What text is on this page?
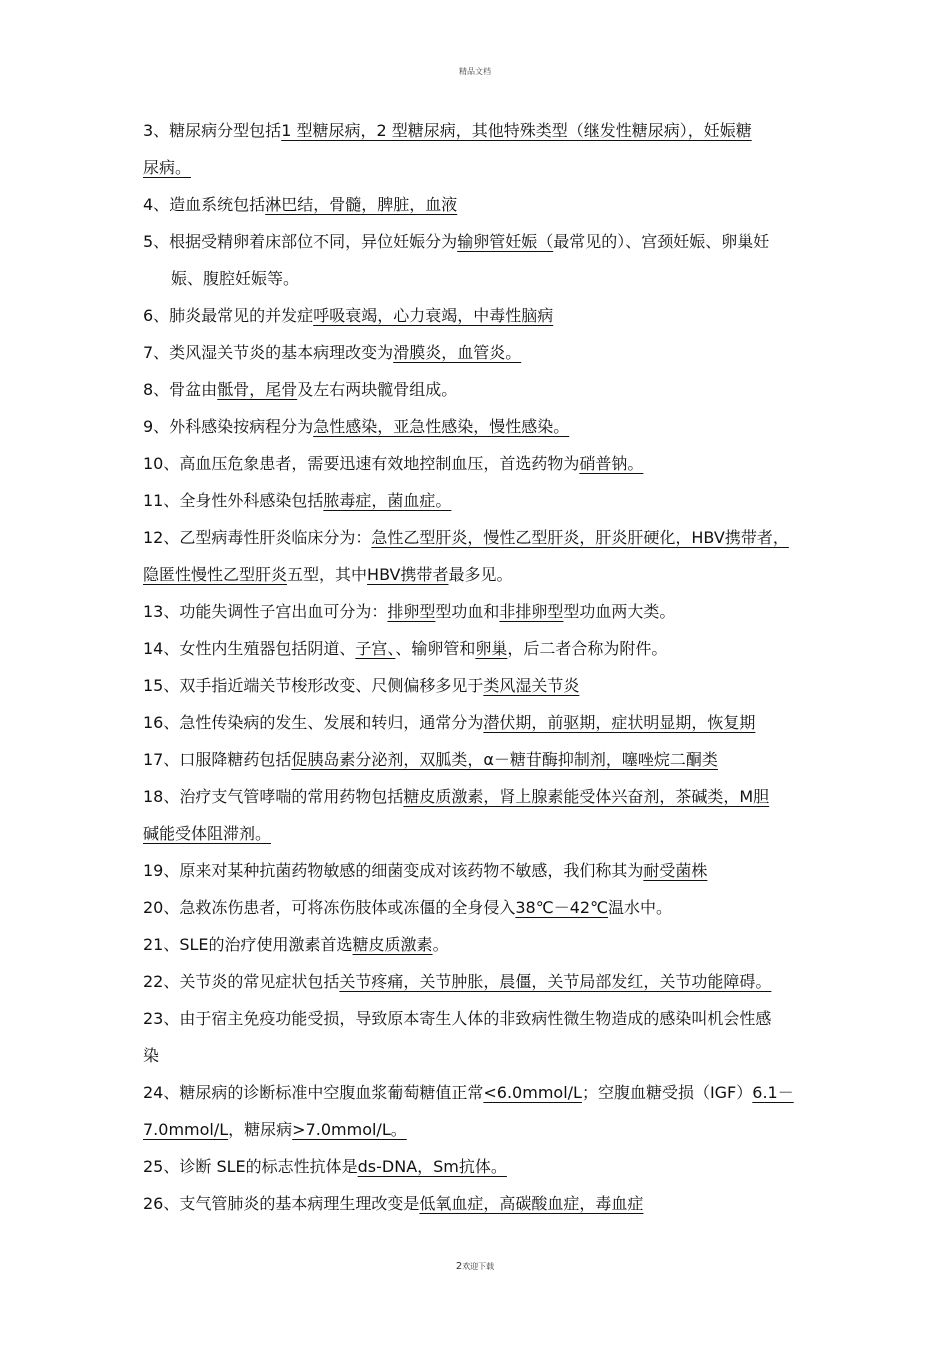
精品文档
3、糖尿病分型包括1 型糖尿病，2 型糖尿病，其他特殊类型（继发性糖尿病），妊娠糖
尿病。
4、造血系统包括淋巴结，骨髓，脾脏，血液
5、根据受精卵着床部位不同，异位妊娠分为输卵管妊娠（最常见的）、宫颈妊娠、卵巢妊
娠、腹腔妊娠等。
6、肺炎最常见的并发症呼吸衰竭，心力衰竭，中毒性脑病
7、类风湿关节炎的基本病理改变为滑膜炎，血管炎。
8、骨盆由骶骨，尾骨及左右两块髋骨组成。
9、外科感染按病程分为急性感染，亚急性感染，慢性感染。
10、高血压危象患者，需要迅速有效地控制血压，首选药物为硝普钠。
11、全身性外科感染包括脓毒症，菌血症。
12、乙型病毒性肝炎临床分为：急性乙型肝炎，慢性乙型肝炎，肝炎肝硬化，HBV携带者，
隐匿性慢性乙型肝炎五型，其中HBV携带者最多见。
13、功能失调性子宫出血可分为：排卵型型功血和非排卵型型功血两大类。
14、女性内生殖器包括阴道、子宫、、输卵管和卵巢，后二者合称为附件。
15、双手指近端关节梭形改变、尺侧偏移多见于类风湿关节炎
16、急性传染病的发生、发展和转归，通常分为潜伏期，前驱期，症状明显期，恢复期
17、口服降糖药包括促胰岛素分泌剂，双胍类，α－糖苷酶抑制剂，噻唑烷二酮类
18、治疗支气管哮喘的常用药物包括糖皮质激素，肾上腺素能受体兴奋剂，茶碱类，M胆
碱能受体阻滞剂。
19、原来对某种抗菌药物敏感的细菌变成对该药物不敏感，我们称其为耐受菌株
20、急救冻伤患者，可将冻伤肢体或冻僵的全身侵入38℃－42℃温水中。
21、SLE的治疗使用激素首选糖皮质激素。
22、关节炎的常见症状包括关节疼痛，关节肿胀，晨僵，关节局部发红，关节功能障碍。
23、由于宿主免疫功能受损，导致原本寄生人体的非致病性微生物造成的感染叫机会性感
染
24、糖尿病的诊断标准中空腹血浆葡萄糖值正常<6.0mmol/L；空腹血糖受损（IGF）6.1－
7.0mmol/L，糖尿病>7.0mmol/L。
25、诊断 SLE的标志性抗体是ds-DNA，Sm抗体。
26、支气管肺炎的基本病理生理改变是低氧血症，高碳酸血症，毒血症
2欢迎下载
